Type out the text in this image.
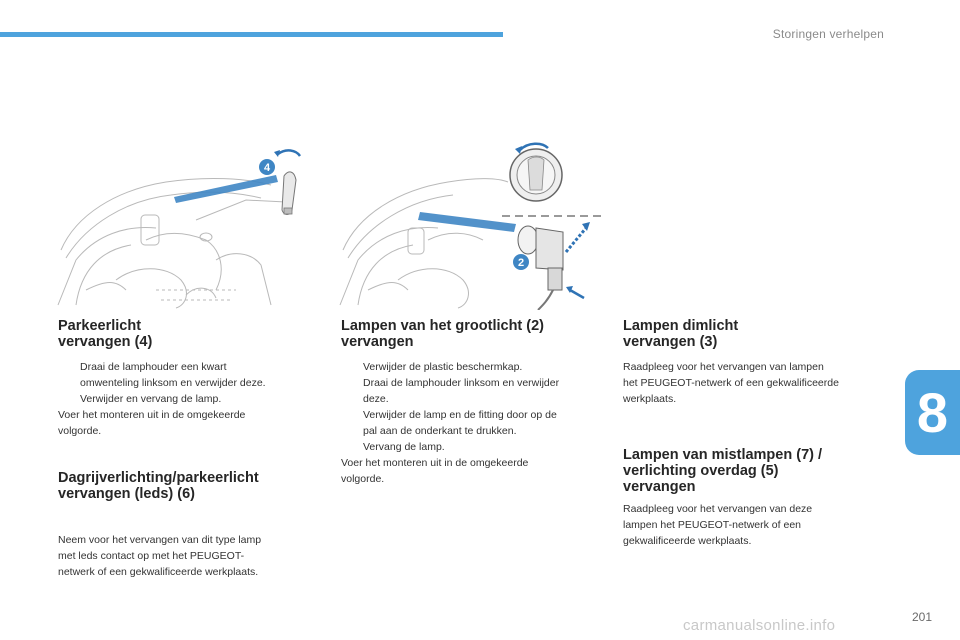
Storingen verhelpen
4
2
Parkeerlicht
vervangen (4)
Draai de lamphouder een kwart
omwenteling linksom en verwijder deze.
Verwijder en vervang de lamp.

Voer het monteren uit in de omgekeerde
volgorde.

Dagrijverlichting/parkeerlicht
vervangen (leds) (6)

Neem voor het vervangen van dit type lamp
met leds contact op met het PEUGEOT-
netwerk of een gekwalificeerde werkplaats.

Lampen van het grootlicht (2)
vervangen
Verwijder de plastic beschermkap.
Draai de lamphouder linksom en verwijder
deze.
Verwijder de lamp en de fitting door op de
pal aan de onderkant te drukken.
Vervang de lamp.

Voer het monteren uit in de omgekeerde
volgorde.

Lampen dimlicht
vervangen (3)

Raadpleeg voor het vervangen van lampen
het PEUGEOT-netwerk of een gekwalificeerde
werkplaats.

Lampen van mistlampen (7) /
verlichting overdag (5)
vervangen

Raadpleeg voor het vervangen van deze
lampen het PEUGEOT-netwerk of een
gekwalificeerde werkplaats.

8
carmanualsonline.info	201
